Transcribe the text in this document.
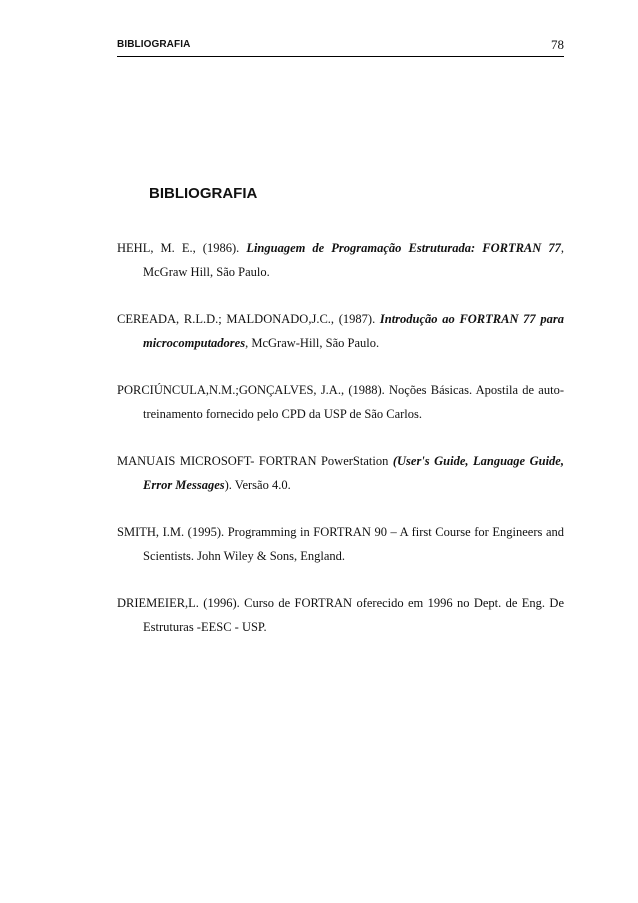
BIBLIOGRAFIA	78
BIBLIOGRAFIA
HEHL, M. E., (1986). Linguagem de Programação Estruturada: FORTRAN 77, McGraw Hill, São Paulo.
CEREADA, R.L.D.; MALDONADO,J.C., (1987). Introdução ao FORTRAN 77 para microcomputadores, McGraw-Hill, São Paulo.
PORCIÚNCULA,N.M.;GONÇALVES, J.A., (1988). Noções Básicas. Apostila de auto-treinamento fornecido pelo CPD da USP de São Carlos.
MANUAIS MICROSOFT- FORTRAN PowerStation (User's Guide, Language Guide, Error Messages). Versão 4.0.
SMITH, I.M. (1995). Programming in FORTRAN 90 – A first Course for Engineers and Scientists. John Wiley & Sons, England.
DRIEMEIER,L. (1996). Curso de FORTRAN oferecido em 1996 no Dept. de Eng. De Estruturas -EESC - USP.
